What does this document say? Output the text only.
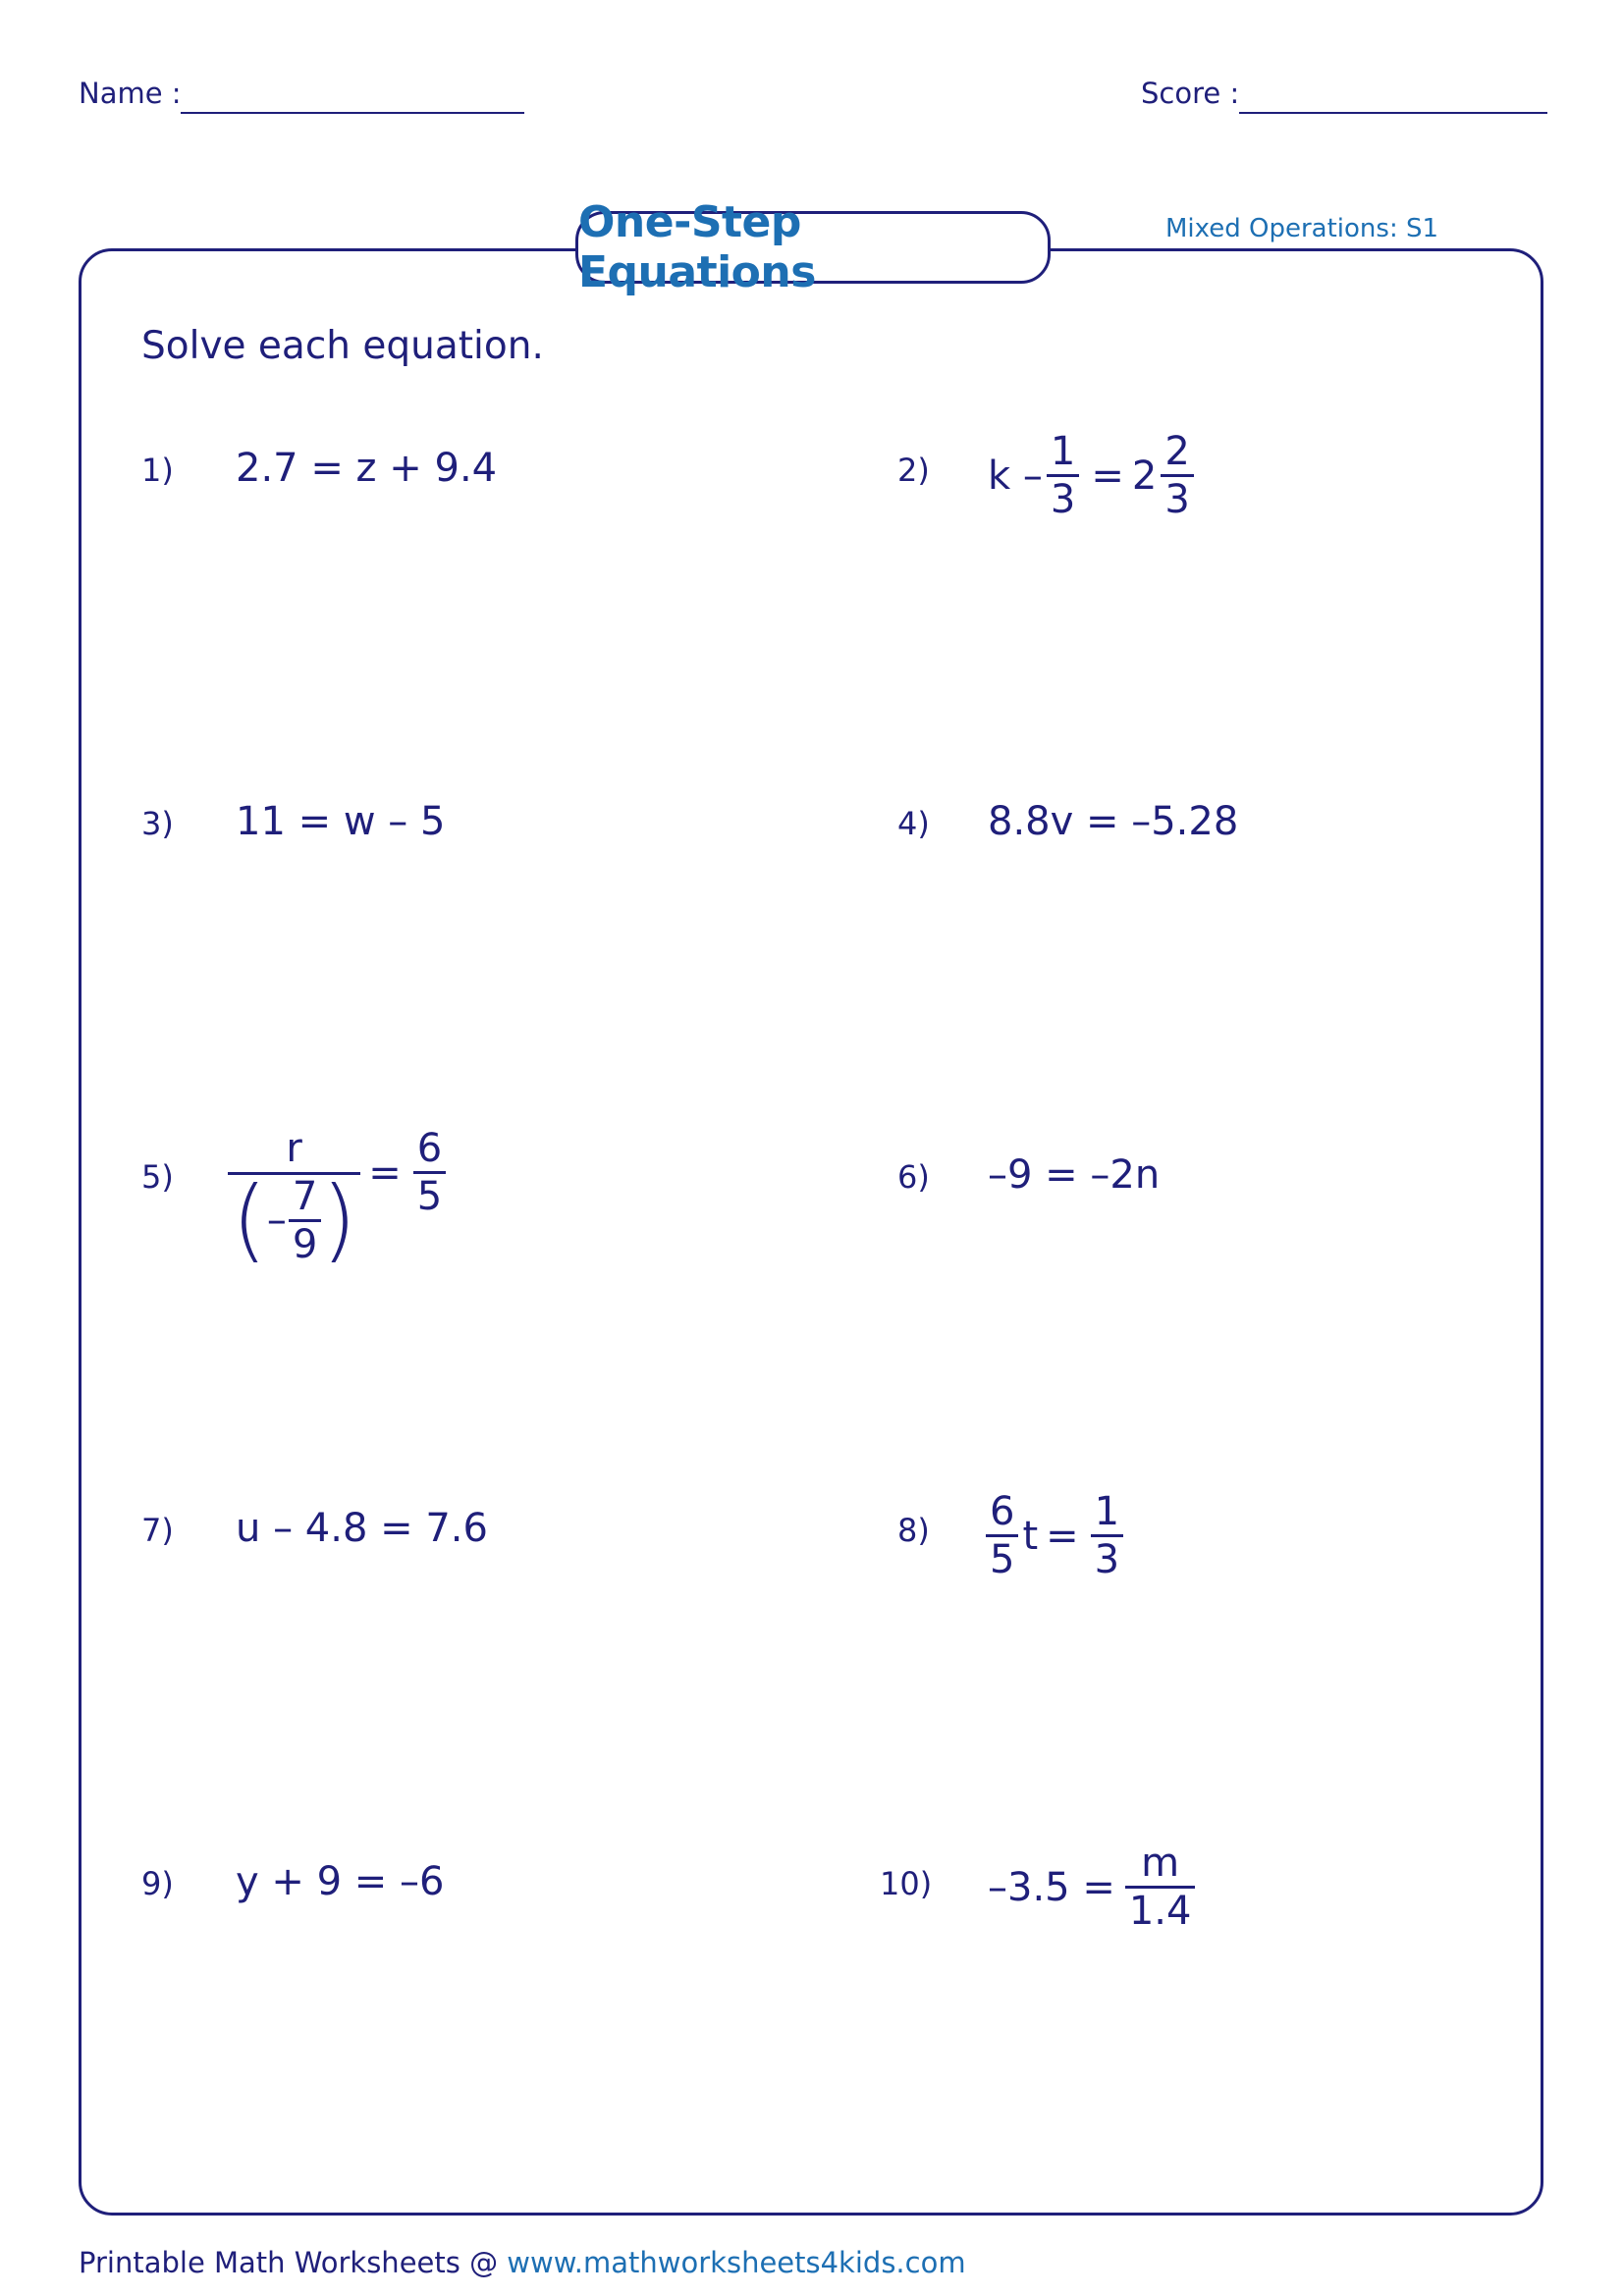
Name :	Score :
One-Step Equations
Mixed Operations: S1
Solve each equation.
1) 2.7 = z + 9.4	2) $k - \frac{1}{3} = 2 \frac{2}{3}$
3) 11 = w – 5	4) 8.8v = –5.28
$5) \frac{r}{( - \frac{7}{9} )} = \frac{6}{5}$	6) –9 = –2n
7) u – 4.8 = 7.6	$8) \frac{6}{5}$ $t = \frac{1}{3}$
9) y + 9 = –6	10) $-3.5 = \frac{m}{1.4}$
Printable Math Worksheets @ www.mathworksheets4kids.com
